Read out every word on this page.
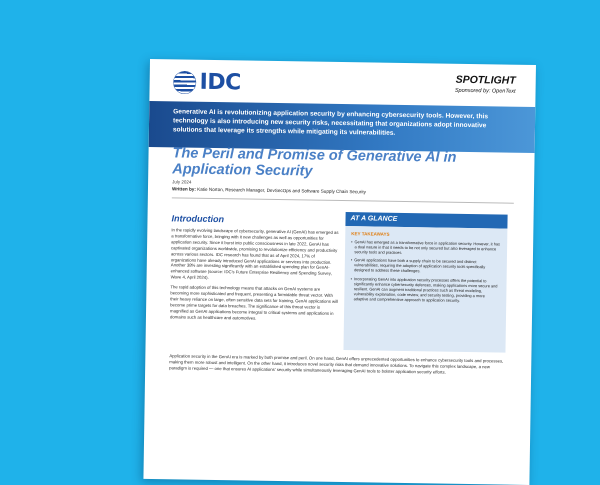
IDC	SPOTLIGHT
Sponsored by: OpenText
Generative AI is revolutionizing application security by enhancing cybersecurity tools. However, this technology is also introducing new security risks, necessitating that organizations adopt innovative solutions that leverage its strengths while mitigating its vulnerabilities.
The Peril and Promise of Generative AI in Application Security
July 2024
Written by: Katie Norton, Research Manager, DevSecOps and Software Supply Chain Security
Introduction

In the rapidly evolving landscape of cybersecurity, generative AI (GenAI) has emerged as a transformative force, bringing with it new challenges as well as opportunities for application security. Since it burst into public consciousness in late 2022, GenAI has captivated organizations worldwide, promising to revolutionize efficiency and productivity across various sectors. IDC research has found that as of April 2024, 17% of organizations have already introduced GenAI applications or services into production. Another 38% are investing significantly with an established spending plan for GenAI-enhanced software (source: IDC's Future Enterprise Resiliency and Spending Survey, Wave 4, April 2024).

The rapid adoption of this technology means that attacks on GenAI systems are becoming more sophisticated and frequent, presenting a formidable threat vector. With their heavy reliance on large, often sensitive data sets for training, GenAI applications will become prime targets for data breaches. The significance of this threat vector is magnified as GenAI applications become integral to critical systems and applications in domains such as healthcare and automotives.

Application security in the GenAI era is marked by both promise and peril. On one hand, GenAI offers unprecedented opportunities to enhance cybersecurity tools and processes, making them more robust and intelligent. On the other hand, it introduces novel security risks that demand innovative solutions. To navigate this complex landscape, a new paradigm is required — one that ensures AI applications' security while simultaneously leveraging GenAI tools to bolster application security efforts.

AT A GLANCE
KEY TAKEAWAYS
• GenAI has emerged as a transformative force in application security. However, it has a dual nature in that it needs to be not only secured but also leveraged to enhance security tools and practices.
• GenAI applications have both a supply chain to be secured and distinct vulnerabilities, requiring the adoption of application security tools specifically designed to address these challenges.
• Incorporating GenAI into application security processes offers the potential to significantly enhance cybersecurity defenses, making applications more secure and resilient. GenAI can augment traditional practices such as threat modeling, vulnerability explanation, code review, and security testing, providing a more adaptive and comprehensive approach to application security.
